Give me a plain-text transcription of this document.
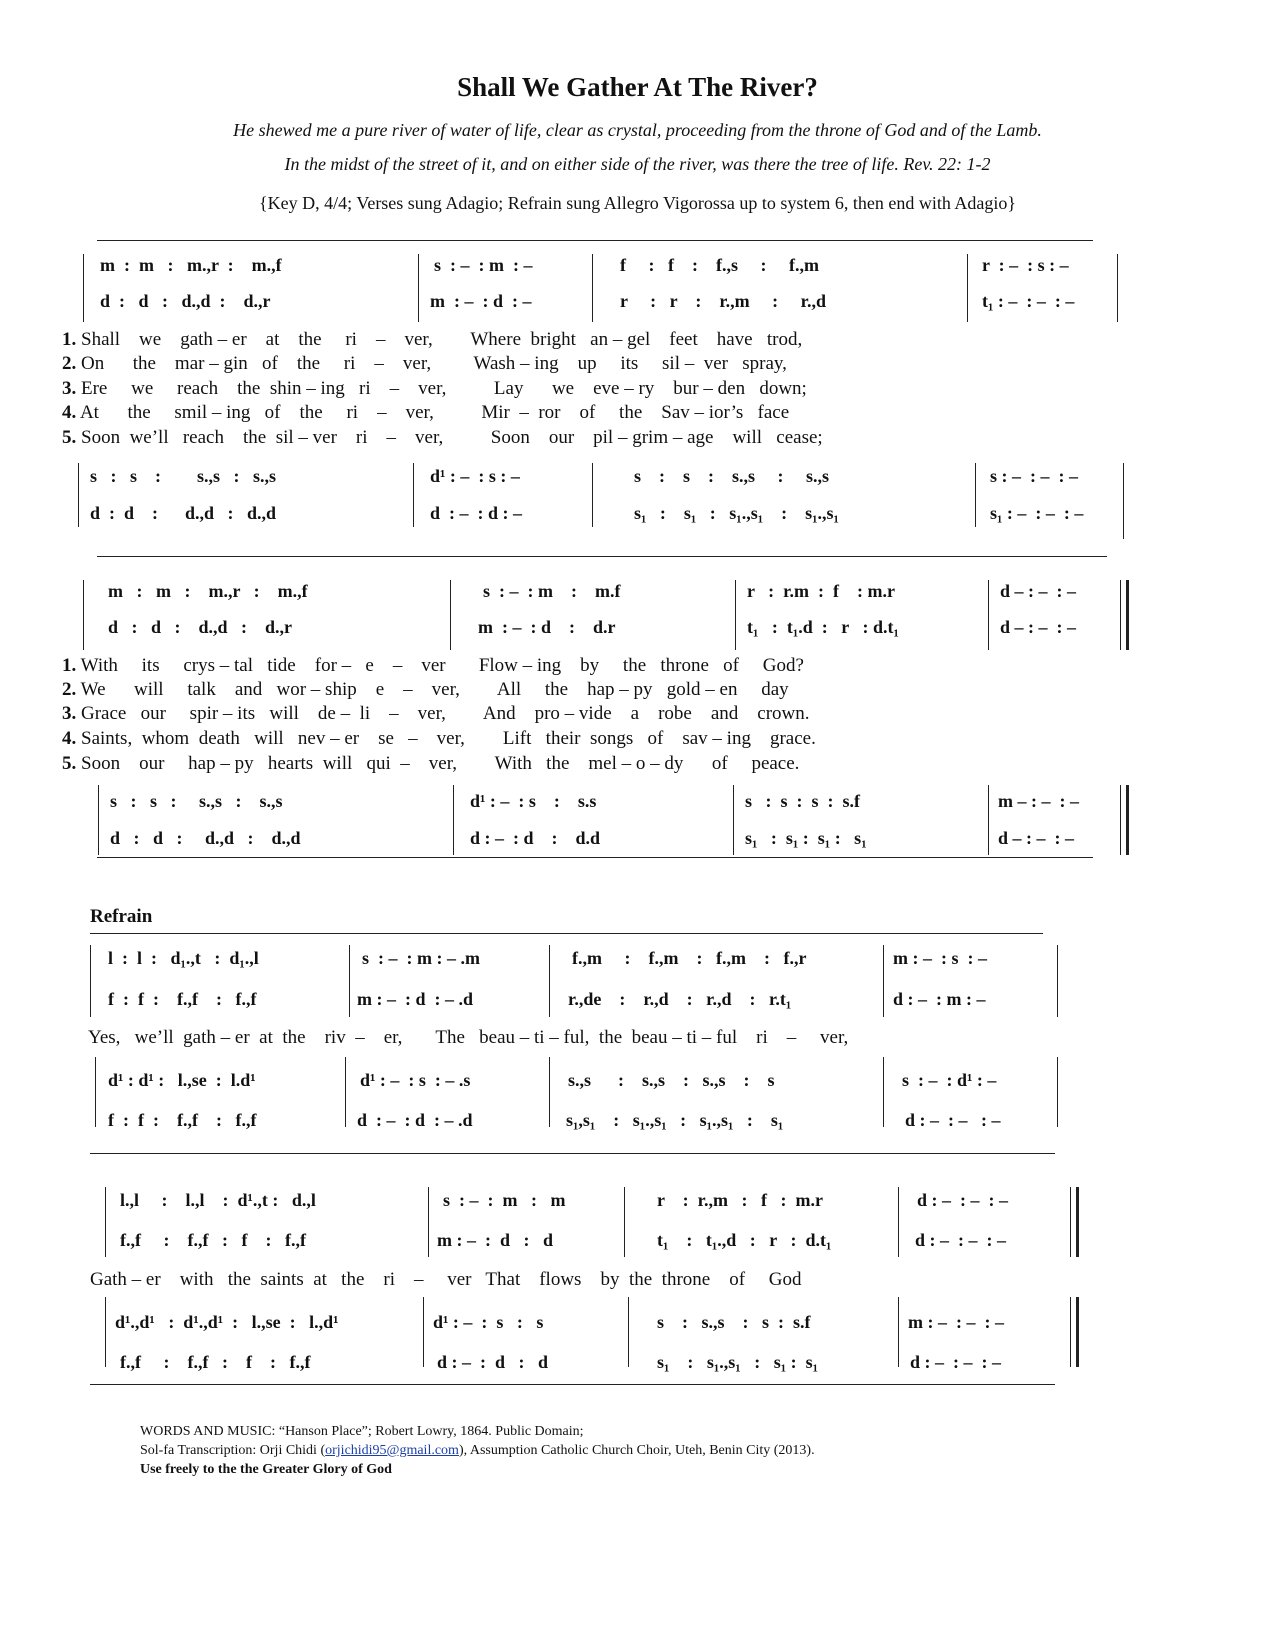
Shall We Gather At The River?
He shewed me a pure river of water of life, clear as crystal, proceeding from the throne of God and of the Lamb.
In the midst of the street of it, and on either side of the river, was there the tree of life. Rev. 22: 1-2
{Key D, 4/4; Verses sung Adagio; Refrain sung Allegro Vigorossa up to system 6, then end with Adagio}
m  :  m   :   m.,r  :    m.,f	s  : –  : m  : –	f     :   f    :    f.,s     :     f.,m	r  : –  : s : –
d  :   d   :   d.,d  :    d.,r	m  : –  : d  : –	r     :   r    :    r.,m     :     r.,d	t₁ : –  : –  : –
1. Shall    we    gath – er    at    the     ri    –    ver,        Where  bright   an – gel    feet    have   trod,
2. On      the    mar – gin   of    the     ri    –    ver,         Wash – ing    up     its     sil –  ver   spray,
3. Ere     we     reach    the  shin – ing   ri    –    ver,          Lay      we    eve – ry    bur – den   down;
4. At      the     smil – ing   of    the     ri    –    ver,          Mir  –  ror    of     the    Sav – ior’s   face
5. Soon  we’ll   reach    the  sil – ver    ri    –    ver,          Soon    our    pil – grim – age    will   cease;
s   :   s    :        s.,s   :   s.,s	d¹ : –  : s : –	s    :    s    :    s.,s     :     s.,s	s : –  : –  : –
d  :  d    :      d.,d   :   d.,d	d  : –  : d : –	s₁   :    s₁   :   s₁.,s₁    :    s₁.,s₁	s₁ : –  : –  : –
m   :   m   :    m.,r   :    m.,f	s  : –  : m    :    m.f	r   :  r.m  :  f    : m.r	d – : –  : –
d   :   d   :    d.,d   :    d.,r	m  : –  : d    :    d.r	t₁   :  t₁.d  :   r   : d.t₁	d – : –  : –
1. With     its     crys – tal   tide    for –   e    –    ver       Flow – ing    by     the   throne   of     God?
2. We      will     talk    and   wor – ship    e    –    ver,        All     the    hap – py   gold – en     day
3. Grace   our     spir – its   will    de –  li    –    ver,        And    pro – vide    a    robe    and    crown.
4. Saints,  whom  death   will   nev – er    se   –    ver,        Lift   their  songs   of    sav – ing    grace.
5. Soon    our     hap – py   hearts  will   qui  –    ver,        With   the    mel – o – dy      of     peace.
s   :   s   :     s.,s   :    s.,s	d¹ : –  : s    :    s.s	s   :  s  :  s  :  s.f	m – : –  : –
d   :   d   :     d.,d   :    d.,d	d : –  : d    :    d.d	s₁   :  s₁ :  s₁ :   s₁	d – : –  : –
Refrain
l  :  l  :   d₁.,t   :  d₁.,l	s  : –  : m : – .m	f.,m     :    f.,m    :   f.,m    :   f.,r	m : –  : s  : –
f  :  f  :    f.,f    :   f.,f	m : –  : d  : – .d	r.,de    :    r.,d    :   r.,d    :   r.t₁	d : –  : m : –
Yes,   we’ll  gath – er  at  the    riv  –    er,       The   beau – ti – ful,  the  beau – ti – ful    ri    –     ver,
d¹ : d¹ :   l.,se  :  l.d¹	d¹ : –  : s  : – .s	s.,s      :    s.,s    :   s.,s    :    s	s  : –  : d¹ : –
f  :  f  :    f.,f    :   f.,f	d  : –  : d  : – .d	s₁,s₁    :   s₁.,s₁   :   s₁.,s₁   :    s₁	d : –  : –   : –
l.,l     :    l.,l    :  d¹.,t :   d.,l	s  : –  :  m   :   m	r    :  r.,m   :   f   :  m.r	d : –  : –  : –
f.,f     :    f.,f   :   f    :   f.,f	m : –  :  d   :   d	t₁    :   t₁.,d   :   r   :  d.t₁	d : –  : –  : –
Gath – er    with   the  saints  at   the    ri    –     ver   That    flows    by  the  throne    of     God
d¹.,d¹   :  d¹.,d¹  :   l.,se  :   l.,d¹	d¹ : –  :  s   :   s	s    :   s.,s    :   s  :  s.f	m : –  : –  : –
f.,f     :    f.,f   :    f    :   f.,f	d : –  :  d   :   d	s₁    :   s₁.,s₁   :   s₁ :  s₁	d : –  : –  : –
WORDS AND MUSIC: “Hanson Place”; Robert Lowry, 1864. Public Domain;
Sol-fa Transcription: Orji Chidi (orjichidi95@gmail.com), Assumption Catholic Church Choir, Uteh, Benin City (2013).
Use freely to the the Greater Glory of God
